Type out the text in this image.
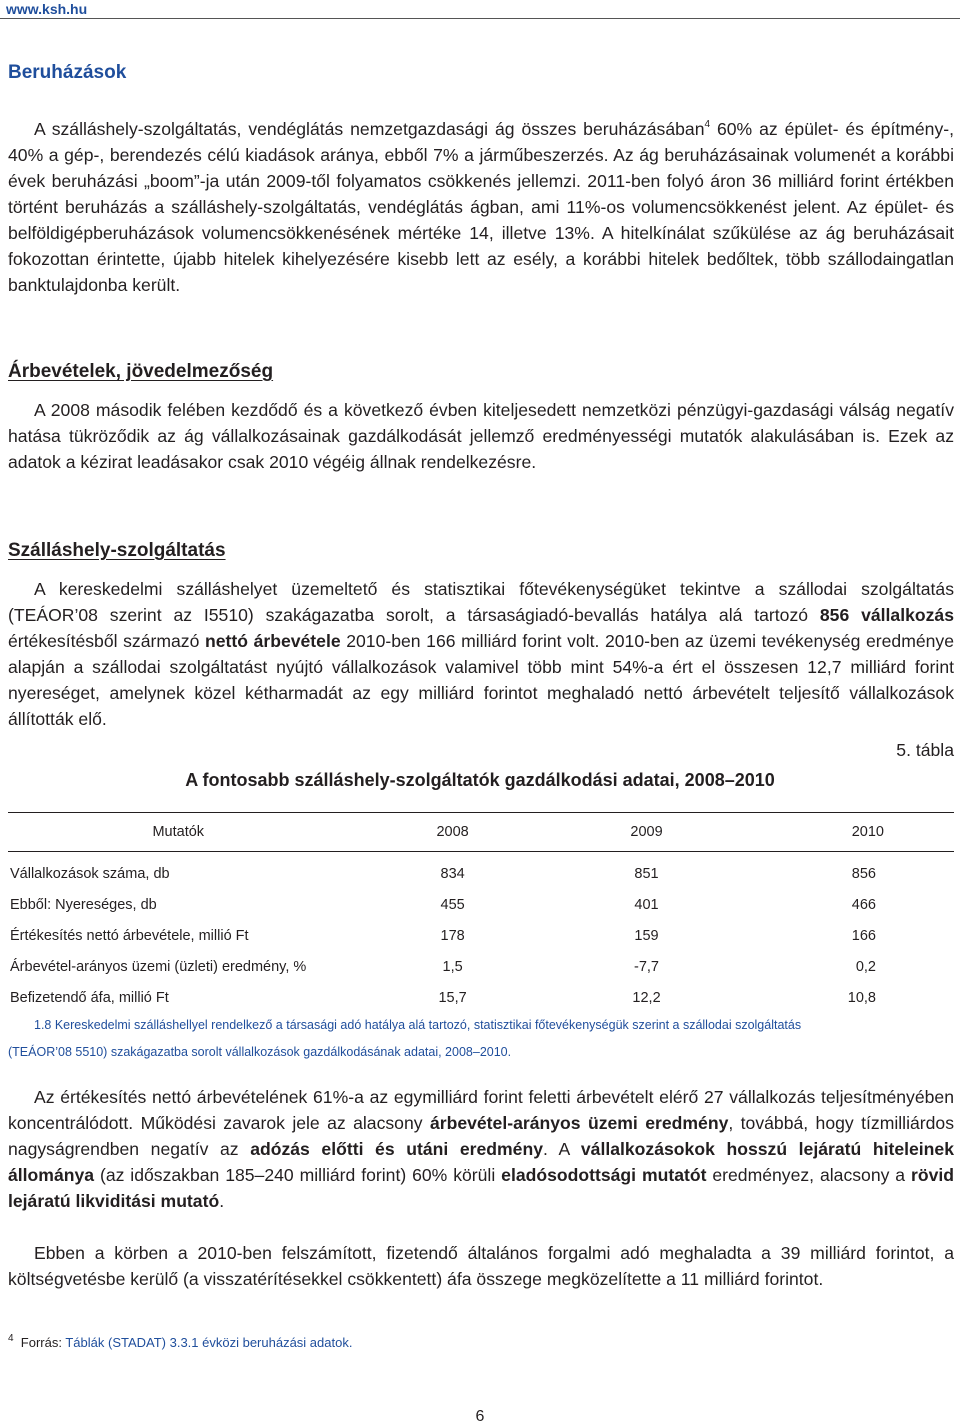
www.ksh.hu
Beruházások

A szálláshely-szolgáltatás, vendéglátás nemzetgazdasági ág összes beruházásában$^4$ 60% az épület- és építmény-, 40% a gép-, berendezés célú kiadások aránya, ebből 7% a járműbeszerzés. Az ág beruházásainak volumenét a korábbi évek beruházási „boom”-ja után 2009-től folyamatos csökkenés jellemzi. 2011-ben folyó áron 36 milliárd forint értékben történt beruházás a szálláshely-szolgáltatás, vendéglátás ágban, ami 11%-os volumencsökkenést jelent. Az épület- és belföldigépberuházások volumencsökkenésének mértéke 14, illetve 13%. A hitelkínálat szűkülése az ág beruházásait fokozottan érintette, újabb hitelek kihelyezésére kisebb lett az esély, a korábbi hitelek bedőltek, több szállodaingatlan banktulajdonba került.

Árbevételek, jövedelmezőség

A 2008 második felében kezdődő és a következő évben kiteljesedett nemzetközi pénzügyi-gazdasági válság negatív hatása tükröződik az ág vállalkozásainak gazdálkodását jellemző eredményességi mutatók alakulásában is. Ezek az adatok a kézirat leadásakor csak 2010 végéig állnak rendelkezésre.

Szálláshely-szolgáltatás

A kereskedelmi szálláshelyet üzemeltető és statisztikai főtevékenységüket tekintve a szállodai szolgáltatás (TEÁOR’08 szerint az I5510) szakágazatba sorolt, a társaságiadó-bevallás hatálya alá tartozó 856 vállalkozás értékesítésből származó nettó árbevétele 2010-ben 166 milliárd forint volt. 2010-ben az üzemi tevékenység eredménye alapján a szállodai szolgáltatást nyújtó vállalkozások valamivel több mint 54%-a ért el összesen 12,7 milliárd forint nyereséget, amelynek közel kétharmadát az egy milliárd forintot meghaladó nettó árbevételt teljesítő vállalkozások állították elő.

5. tábla
A fontosabb szálláshely-szolgáltatók gazdálkodási adatai, 2008–2010
Mutatók	2008	2009	2010
Vállalkozások száma, db	834	851	856
Ebből: Nyereséges, db	455	401	466
Értékesítés nettó árbevétele, millió Ft	178	159	166
Árbevétel-arányos üzemi (üzleti) eredmény, %	1,5	-7,7	0,2
Befizetendő áfa, millió Ft	15,7	12,2	10,8
1.8 Kereskedelmi szálláshellyel rendelkező a társasági adó hatálya alá tartozó, statisztikai főtevékenységük szerint a szállodai szolgáltatás
(TEÁOR’08 5510) szakágazatba sorolt vállalkozások gazdálkodásának adatai, 2008–2010.

Az értékesítés nettó árbevételének 61%-a az egymilliárd forint feletti árbevételt elérő 27 vállalkozás teljesítményében koncentrálódott. Működési zavarok jele az alacsony árbevétel-arányos üzemi eredmény, továbbá, hogy tízmilliárdos nagyságrendben negatív az adózás előtti és utáni eredmény. A vállalkozásokok hosszú lejáratú hiteleinek állománya (az időszakban 185–240 milliárd forint) 60% körüli eladósodottsági mutatót eredményez, alacsony a rövid lejáratú likviditási mutató.

Ebben a körben a 2010-ben felszámított, fizetendő általános forgalmi adó meghaladta a 39 milliárd forintot, a költségvetésbe kerülő (a visszatérítésekkel csökkentett) áfa összege megközelítette a 11 milliárd forintot.

$^4$ Forrás: Táblák (STADAT) 3.3.1 évközi beruházási adatok.
6
